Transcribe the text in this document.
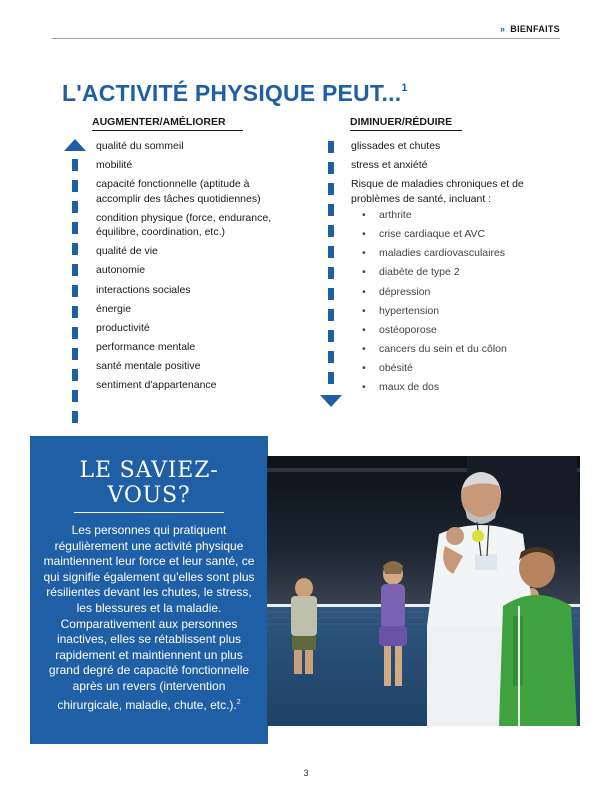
» BIENFAITS
L'ACTIVITÉ PHYSIQUE PEUT...$^1$
AUGMENTER/AMÉLIORER
qualité du sommeil
mobilité
capacité fonctionnelle (aptitude à accomplir des tâches quotidiennes)
condition physique (force, endurance, équilibre, coordination, etc.)
qualité de vie
autonomie
interactions sociales
énergie
productivité
performance mentale
santé mentale positive
sentiment d'appartenance
DIMINUER/RÉDUIRE
glissades et chutes
stress et anxiété
Risque de maladies chroniques et de problèmes de santé, incluant :
• arthrite
• crise cardiaque et AVC
• maladies cardiovasculaires
• diabète de type 2
• dépression
• hypertension
• ostéoporose
• cancers du sein et du côlon
• obésité
• maux de dos
LE SAVIEZ-VOUS?

Les personnes qui pratiquent régulièrement une activité physique maintiennent leur force et leur santé, ce qui signifie également qu'elles sont plus résilientes devant les chutes, le stress, les blessures et la maladie. Comparativement aux personnes inactives, elles se rétablissent plus rapidement et maintiennent un plus grand degré de capacité fonctionnelle après un revers (intervention chirurgicale, maladie, chute, etc.).$^2$

3
